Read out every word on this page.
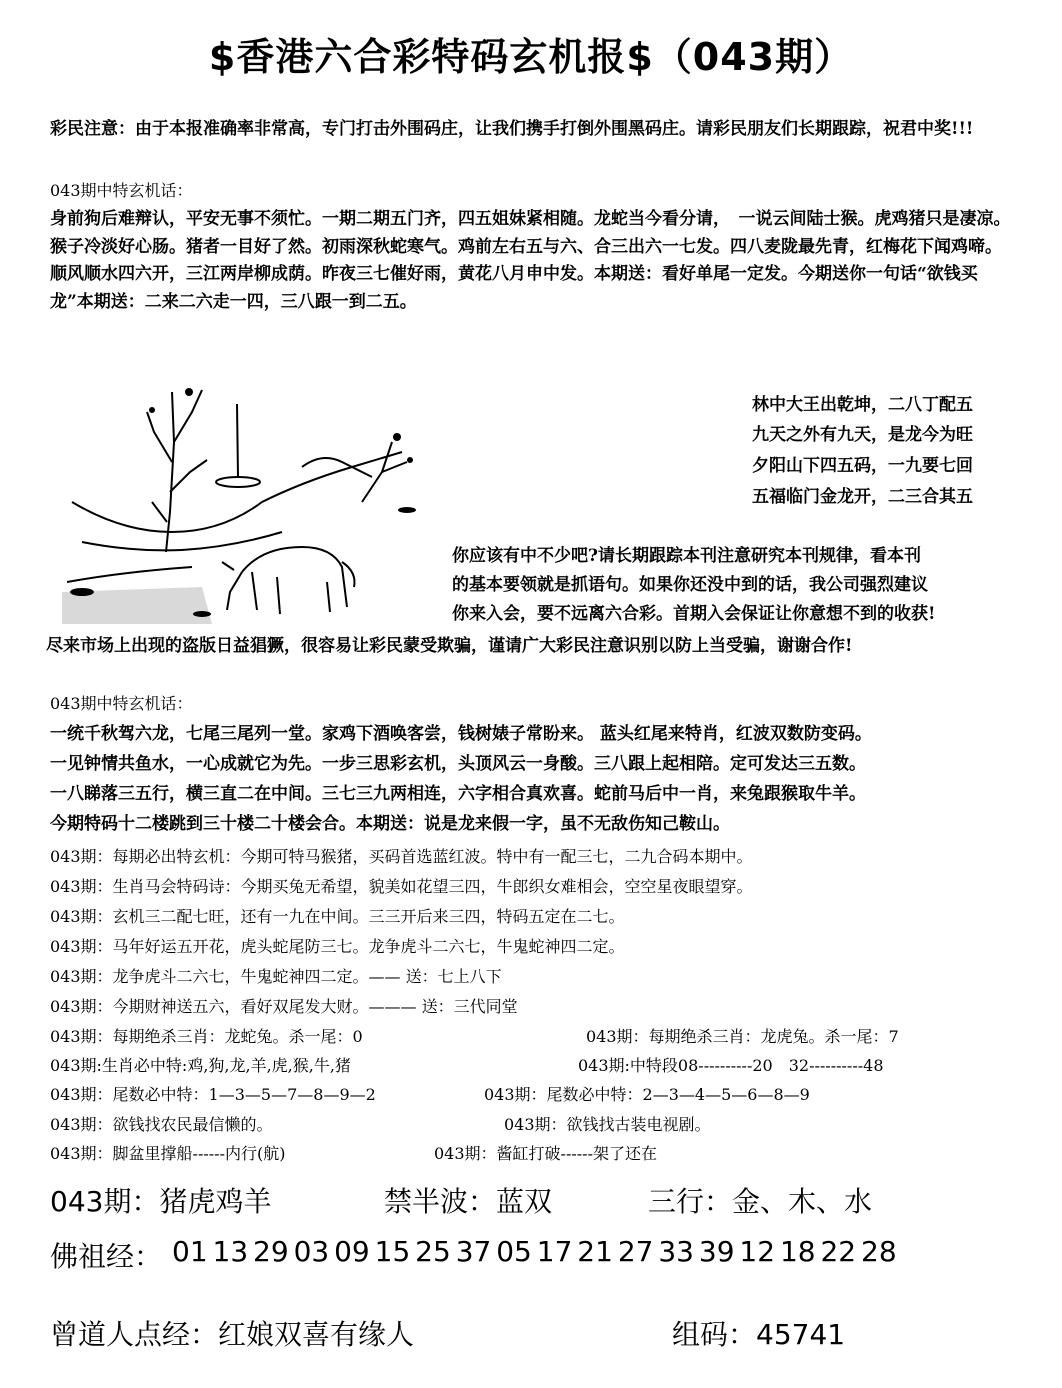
$香港六合彩特码玄机报$（043期）
彩民注意：由于本报准确率非常高，专门打击外围码庄，让我们携手打倒外围黑码庄。请彩民朋友们长期跟踪，祝君中奖!!!
043期中特玄机话：
身前狗后难辩认，平安无事不须忙。一期二期五门齐，四五姐妹紧相随。龙蛇当今看分请，　一说云间陆士猴。虎鸡猪只是凄凉。猴子冷淡好心肠。猪者一目好了然。初雨深秋蛇寒气。鸡前左右五与六、合三出六一七发。四八麦陇最先青，红梅花下闻鸡啼。顺风顺水四六开，三江两岸柳成荫。昨夜三七催好雨，黄花八月申中发。本期送：看好单尾一定发。今期送你一句话“欲钱买龙”本期送：二来二六走一四，三八跟一到二五。
林中大王出乾坤，二八丁配五
九天之外有九天，是龙今为旺
夕阳山下四五码，一九要七回
五福临门金龙开，二三合其五
你应该有中不少吧?请长期跟踪本刊注意研究本刊规律，看本刊
的基本要领就是抓语句。如果你还没中到的话，我公司强烈建议
你来入会，要不远离六合彩。首期入会保证让你意想不到的收获!
尽来市场上出现的盗版日益猖獗，很容易让彩民蒙受欺骗，谨请广大彩民注意识别以防上当受骗，谢谢合作!
043期中特玄机话：
一统千秋驾六龙，七尾三尾列一堂。家鸡下酒唤客尝，钱树婊子常盼来。 蓝头红尾来特肖，红波双数防变码。
一见钟情共鱼水，一心成就它为先。一步三思彩玄机，头顶风云一身酸。三八跟上起相陪。定可发达三五数。
一八睇落三五行，横三直二在中间。三七三九两相连，六字相合真欢喜。蛇前马后中一肖，来兔跟猴取牛羊。
今期特码十二楼跳到三十楼二十楼会合。本期送：说是龙来假一字，虽不无敌伤知己鞍山。
043期：每期必出特玄机：今期可特马猴猪，买码首选蓝红波。特中有一配三七，二九合码本期中。
043期：生肖马会特码诗：今期买兔无希望，貌美如花望三四，牛郎织女难相会，空空星夜眼望穿。
043期：玄机三二配七旺，还有一九在中间。三三开后来三四，特码五定在二七。
043期：马年好运五开花，虎头蛇尾防三七。龙争虎斗二六七，牛鬼蛇神四二定。
043期：龙争虎斗二六七，牛鬼蛇神四二定。—— 送：七上八下
043期：今期财神送五六，看好双尾发大财。——— 送：三代同堂
043期：每期绝杀三肖：龙蛇兔。杀一尾：0	043期：每期绝杀三肖：龙虎兔。杀一尾：7
043期:生肖必中特:鸡,狗,龙,羊,虎,猴,牛,猪	043期:中特段08----------20　32----------48
043期：尾数必中特：1—3—5—7—8—9—2	043期：尾数必中特：2—3—4—5—6—8—9
043期：欲钱找农民最信懒的。	043期：欲钱找古装电视剧。
043期：脚盆里撑船------内行(航)	043期：酱缸打破------架了还在
043期：猪虎鸡羊	禁半波：蓝双	三行：金、木、水
佛祖经： 01 13 29 03 09 15 25 37 05 17 21 27 33 39 12 18 22 28
曾道人点经：红娘双喜有缘人	组码：45741
